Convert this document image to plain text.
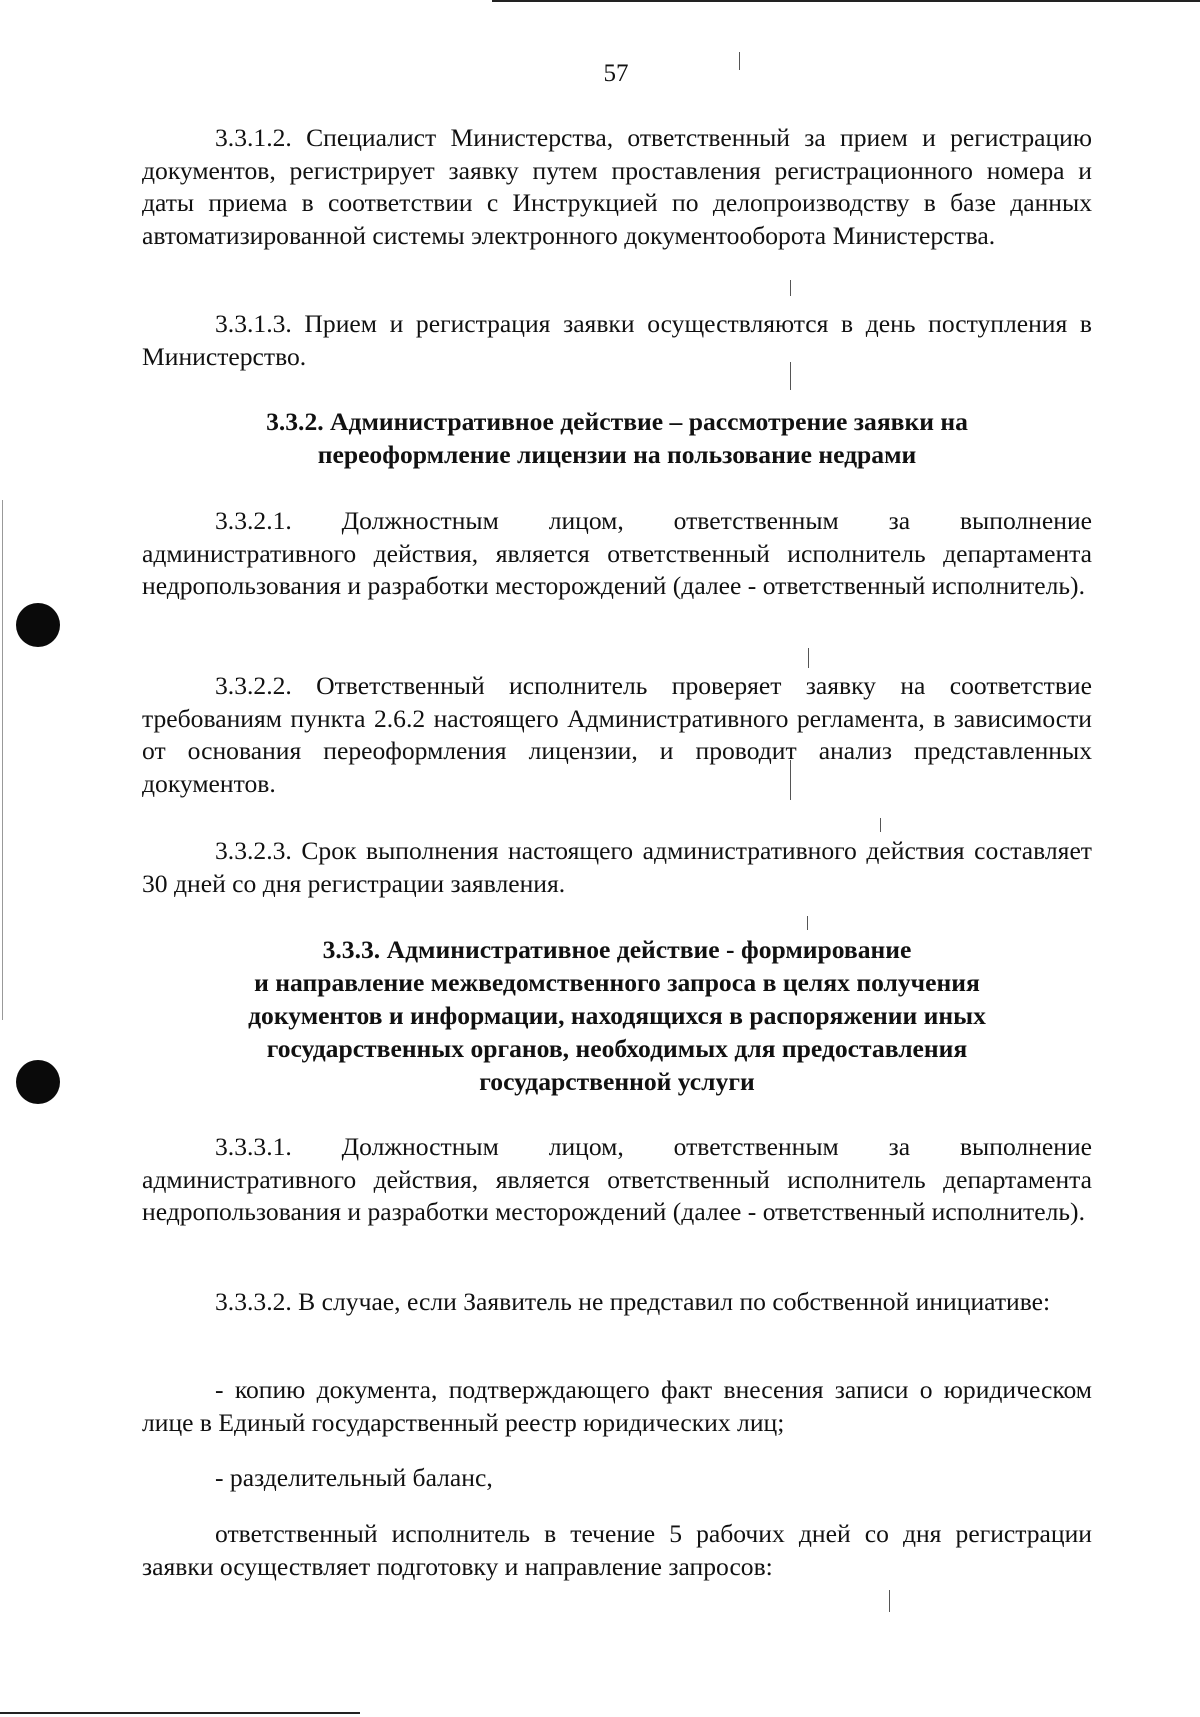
57
3.3.1.2. Специалист Министерства, ответственный за прием и регистрацию документов, регистрирует заявку путем проставления регистрационного номера и даты приема в соответствии с Инструкцией по делопроизводству в базе данных автоматизированной системы электронного документооборота Министерства.
3.3.1.3. Прием и регистрация заявки осуществляются в день поступления в Министерство.
3.3.2. Административное действие – рассмотрение заявки на
переоформление лицензии на пользование недрами
3.3.2.1. Должностным лицом, ответственным за выполнение административного действия, является ответственный исполнитель департамента недропользования и разработки месторождений (далее - ответственный исполнитель).
3.3.2.2. Ответственный исполнитель проверяет заявку на соответствие требованиям пункта 2.6.2 настоящего Административного регламента, в зависимости от основания переоформления лицензии, и проводит анализ представленных документов.
3.3.2.3. Срок выполнения настоящего административного действия составляет 30 дней со дня регистрации заявления.
3.3.3. Административное действие - формирование
и направление межведомственного запроса в целях получения
документов и информации, находящихся в распоряжении иных
государственных органов, необходимых для предоставления
государственной услуги
3.3.3.1. Должностным лицом, ответственным за выполнение административного действия, является ответственный исполнитель департамента недропользования и разработки месторождений (далее - ответственный исполнитель).
3.3.3.2. В случае, если Заявитель не представил по собственной инициативе:
- копию документа, подтверждающего факт внесения записи о юридическом лице в Единый государственный реестр юридических лиц;
- разделительный баланс,
ответственный исполнитель в течение 5 рабочих дней со дня регистрации заявки осуществляет подготовку и направление запросов:
